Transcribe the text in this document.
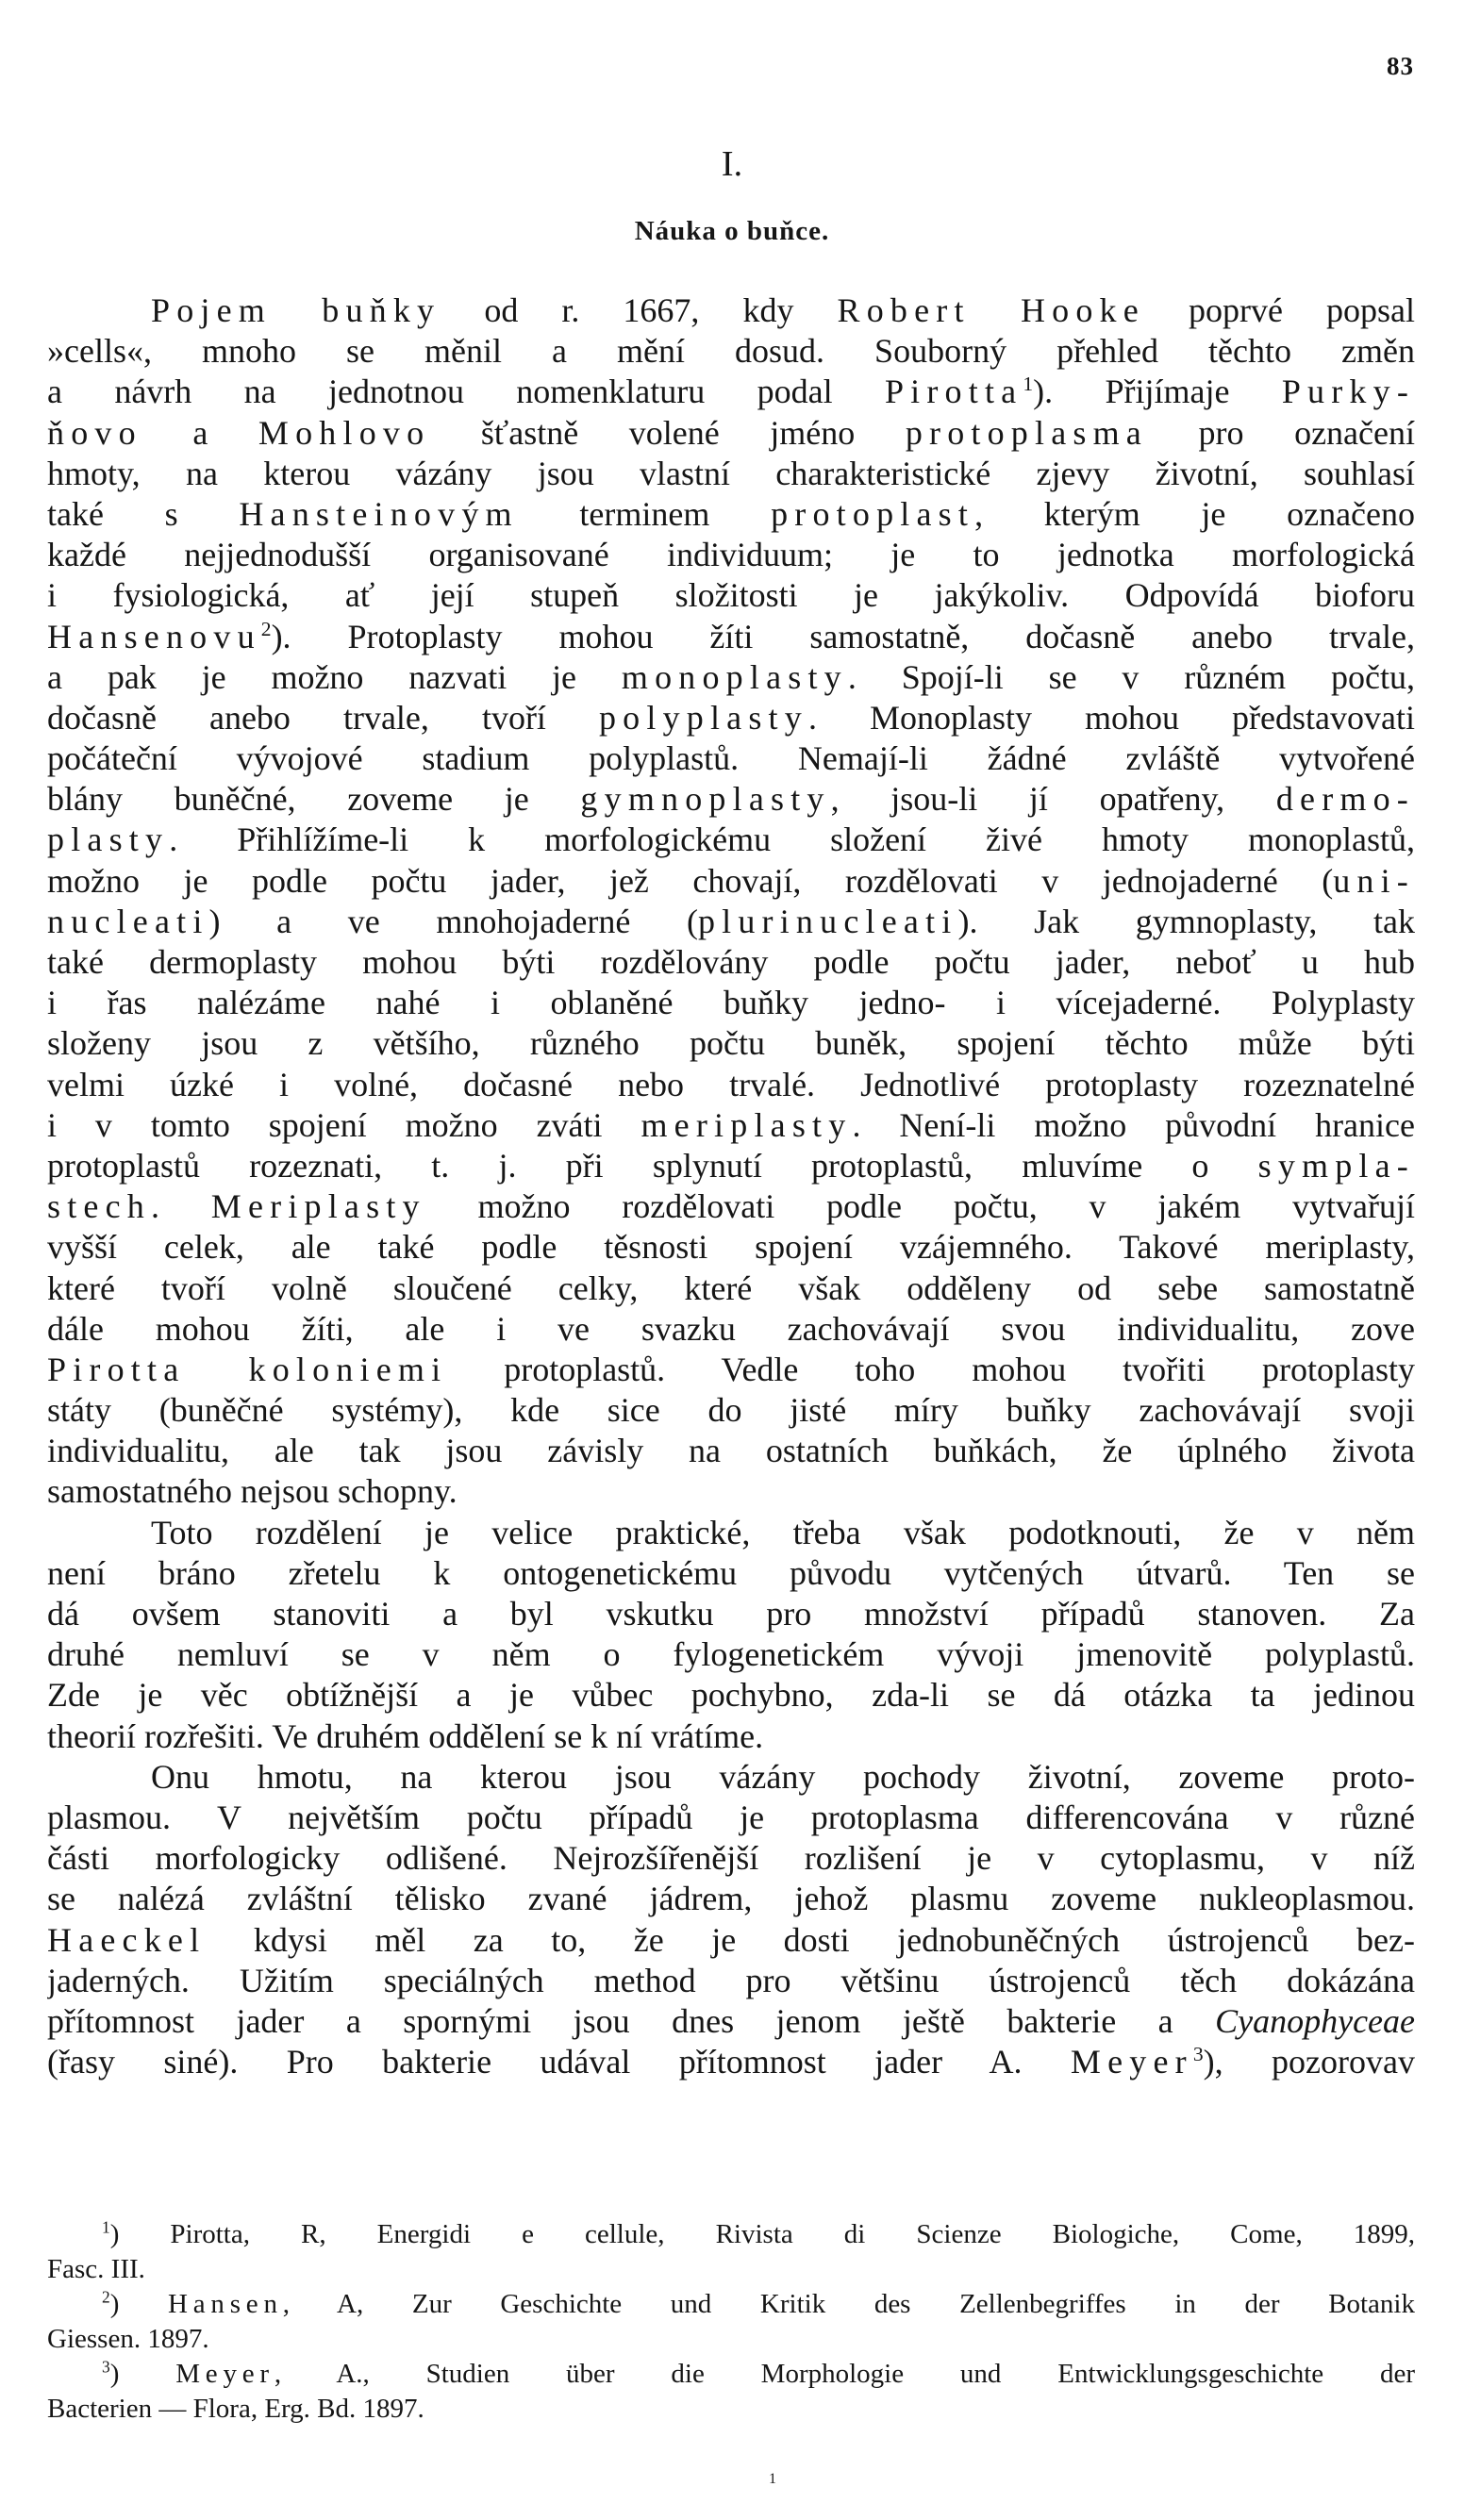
83
I.
Náuka o buňce.
Pojem buňky od r. 1667, kdy Robert Hooke poprvé popsal
»cells«, mnoho se měnil a mění dosud. Souborný přehled těchto změn
a návrh na jednotnou nomenklaturu podal Pirotta$^1$). Přijímaje Purky-
ňovo a Mohlovo šťastně volené jméno protoplasma pro označení
hmoty, na kterou vázány jsou vlastní charakteristické zjevy životní, souhlasí
také s Hansteinovým terminem protoplast, kterým je označeno
každé nejjednodušší organisované individuum; je to jednotka morfologická
i fysiologická, ať její stupeň složitosti je jakýkoliv. Odpovídá bioforu
Hansenovu$^2$). Protoplasty mohou žíti samostatně, dočasně anebo trvale,
a pak je možno nazvati je monoplasty. Spojí-li se v různém počtu,
dočasně anebo trvale, tvoří polyplasty. Monoplasty mohou představovati
počáteční vývojové stadium polyplastů. Nemají-li žádné zvláště vytvořené
blány buněčné, zoveme je gymnoplasty, jsou-li jí opatřeny, dermo-
plasty. Přihlížíme-li k morfologickému složení živé hmoty monoplastů,
možno je podle počtu jader, jež chovají, rozdělovati v jednojaderné (uni-
nucleati) a ve mnohojaderné (plurinucleati). Jak gymnoplasty, tak
také dermoplasty mohou býti rozdělovány podle počtu jader, neboť u hub
i řas nalézáme nahé i oblaněné buňky jedno- i vícejaderné. Polyplasty
složeny jsou z většího, různého počtu buněk, spojení těchto může býti
velmi úzké i volné, dočasné nebo trvalé. Jednotlivé protoplasty rozeznatelné
i v tomto spojení možno zváti meriplasty. Není-li možno původní hranice
protoplastů rozeznati, t. j. při splynutí protoplastů, mluvíme o sympla-
stech. Meriplasty možno rozdělovati podle počtu, v jakém vytvařují
vyšší celek, ale také podle těsnosti spojení vzájemného. Takové meriplasty,
které tvoří volně sloučené celky, které však odděleny od sebe samostatně
dále mohou žíti, ale i ve svazku zachovávají svou individualitu, zove
Pirotta koloniemi protoplastů. Vedle toho mohou tvořiti protoplasty
státy (buněčné systémy), kde sice do jisté míry buňky zachovávají svoji
individualitu, ale tak jsou závisly na ostatních buňkách, že úplného života
samostatného nejsou schopny.
Toto rozdělení je velice praktické, třeba však podotknouti, že v něm
není bráno zřetelu k ontogenetickému původu vytčených útvarů. Ten se
dá ovšem stanoviti a byl vskutku pro množství případů stanoven. Za
druhé nemluví se v něm o fylogenetickém vývoji jmenovitě polyplastů.
Zde je věc obtížnější a je vůbec pochybno, zda-li se dá otázka ta jedinou
theorií rozřešiti. Ve druhém oddělení se k ní vrátíme.
Onu hmotu, na kterou jsou vázány pochody životní, zoveme proto-
plasmou. V největším počtu případů je protoplasma differencována v různé
části morfologicky odlišené. Nejrozšířenější rozlišení je v cytoplasmu, v níž
se nalézá zvláštní tělisko zvané jádrem, jehož plasmu zoveme nukleoplasmou.
Haeckel kdysi měl za to, že je dosti jednobuněčných ústrojenců bez-
jaderných. Užitím speciálných method pro většinu ústrojenců těch dokázána
přítomnost jader a spornými jsou dnes jenom ještě bakterie a Cyanophyceae
(řasy siné). Pro bakterie udával přítomnost jader A. Meyer$^3$), pozorovav
$^1$) Pirotta, R, Energidi e cellule, Rivista di Scienze Biologiche, Come, 1899,
Fasc. III.
$^2$) Hansen, A, Zur Geschichte und Kritik des Zellenbegriffes in der Botanik
Giessen. 1897.
$^3$) Meyer, A., Studien über die Morphologie und Entwicklungsgeschichte der
Bacterien — Flora, Erg. Bd. 1897.
1
